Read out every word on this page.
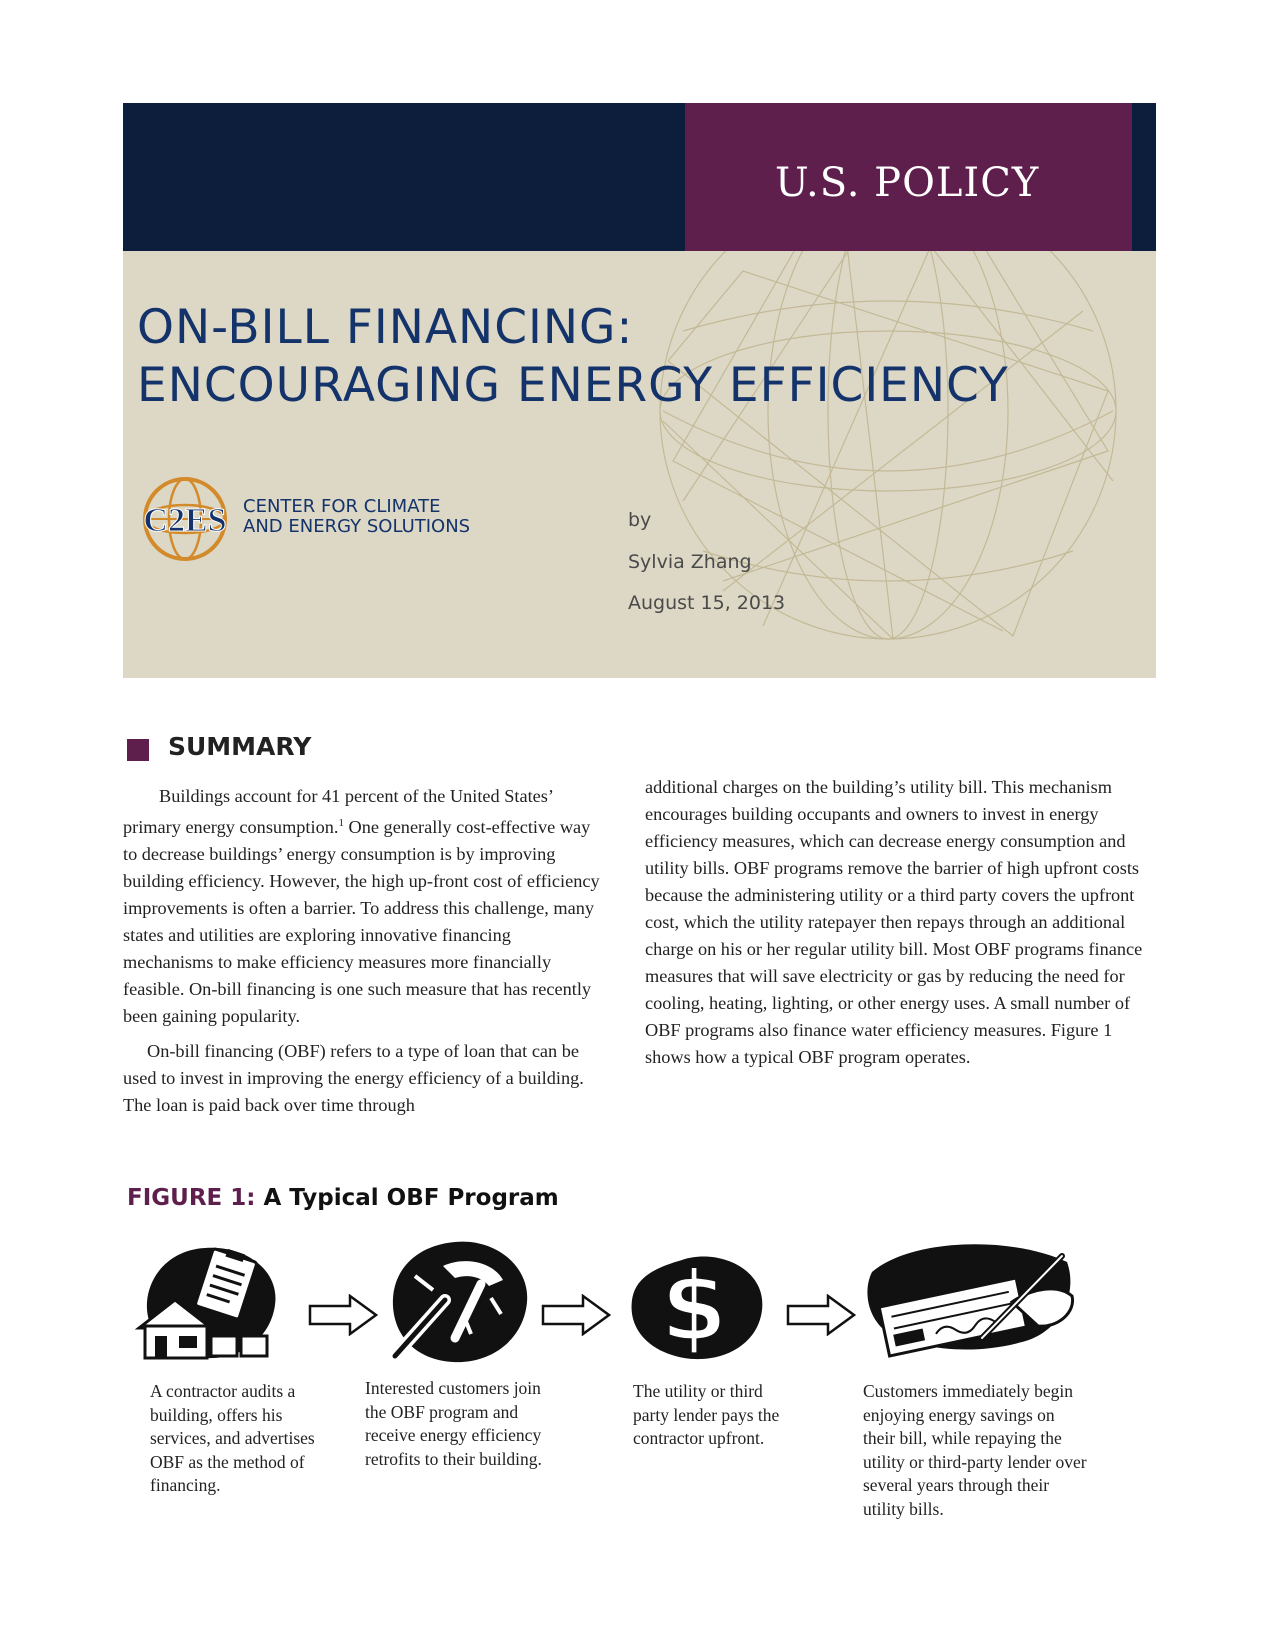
U.S. POLICY
ON-BILL FINANCING:
ENCOURAGING ENERGY EFFICIENCY
C2ES CENTER FOR CLIMATE
AND ENERGY SOLUTIONS	by
Sylvia Zhang
August 15, 2013
SUMMARY

Buildings account for 41 percent of the United States’ primary energy consumption.$^1$ One generally cost-effective way to decrease buildings’ energy consumption is by improving building efficiency. However, the high up-front cost of efficiency improvements is often a barrier. To address this challenge, many states and utilities are exploring innovative financing mechanisms to make efficiency measures more financially feasible. On-bill financing is one such measure that has recently been gaining popularity.

On-bill financing (OBF) refers to a type of loan that can be used to invest in improving the energy efficiency of a building. The loan is paid back over time through

additional charges on the building’s utility bill. This mechanism encourages building occupants and owners to invest in energy efficiency measures, which can decrease energy consumption and utility bills. OBF programs remove the barrier of high upfront costs because the administering utility or a third party covers the upfront cost, which the utility ratepayer then repays through an additional charge on his or her regular utility bill. Most OBF programs finance measures that will save electricity or gas by reducing the need for cooling, heating, lighting, or other energy uses. A small number of OBF programs also finance water efficiency measures. Figure 1 shows how a typical OBF program operates.

FIGURE 1: A Typical OBF Program
$
A contractor audits a building, offers his services, and advertises OBF as the method of financing.
Interested customers join the OBF program and receive energy efficiency retrofits to their building.
The utility or third party lender pays the contractor upfront.
Customers immediately begin enjoying energy savings on their bill, while repaying the utility or third-party lender over several years through their utility bills.
